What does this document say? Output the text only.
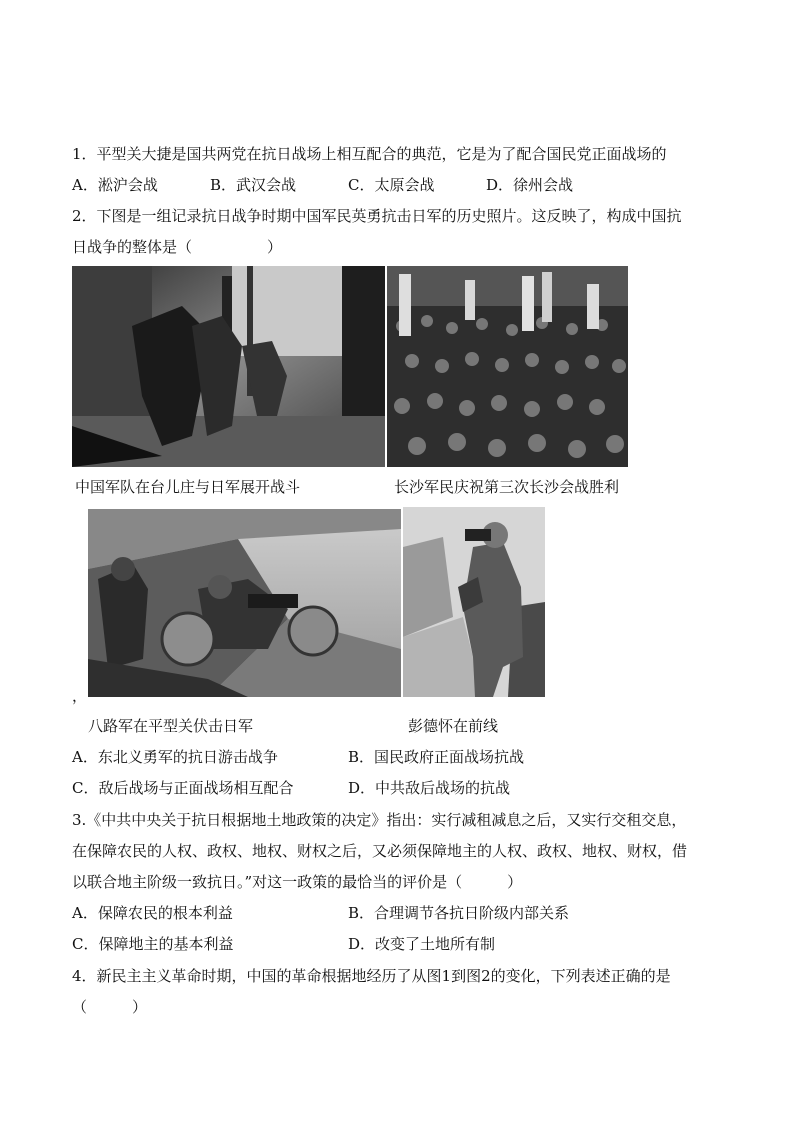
1．平型关大捷是国共两党在抗日战场上相互配合的典范，它是为了配合国民党正面战场的
A．淞沪会战	B．武汉会战	C．太原会战	D．徐州会战
2．下图是一组记录抗日战争时期中国军民英勇抗击日军的历史照片。这反映了，构成中国抗
日战争的整体是（　　　　　）
中国军队在台儿庄与日军展开战斗	长沙军民庆祝第三次长沙会战胜利
，
八路军在平型关伏击日军	彭德怀在前线
A．东北义勇军的抗日游击战争	B．国民政府正面战场抗战
C．敌后战场与正面战场相互配合	D．中共敌后战场的抗战
3.《中共中央关于抗日根据地土地政策的决定》指出：实行减租减息之后，又实行交租交息，
在保障农民的人权、政权、地权、财权之后，又必须保障地主的人权、政权、地权、财权，借
以联合地主阶级一致抗日。”对这一政策的最恰当的评价是（　　　）
A．保障农民的根本利益	B．合理调节各抗日阶级内部关系
C．保障地主的基本利益	D．改变了土地所有制
4．新民主主义革命时期，中国的革命根据地经历了从图1到图2的变化，下列表述正确的是
（　　　）
